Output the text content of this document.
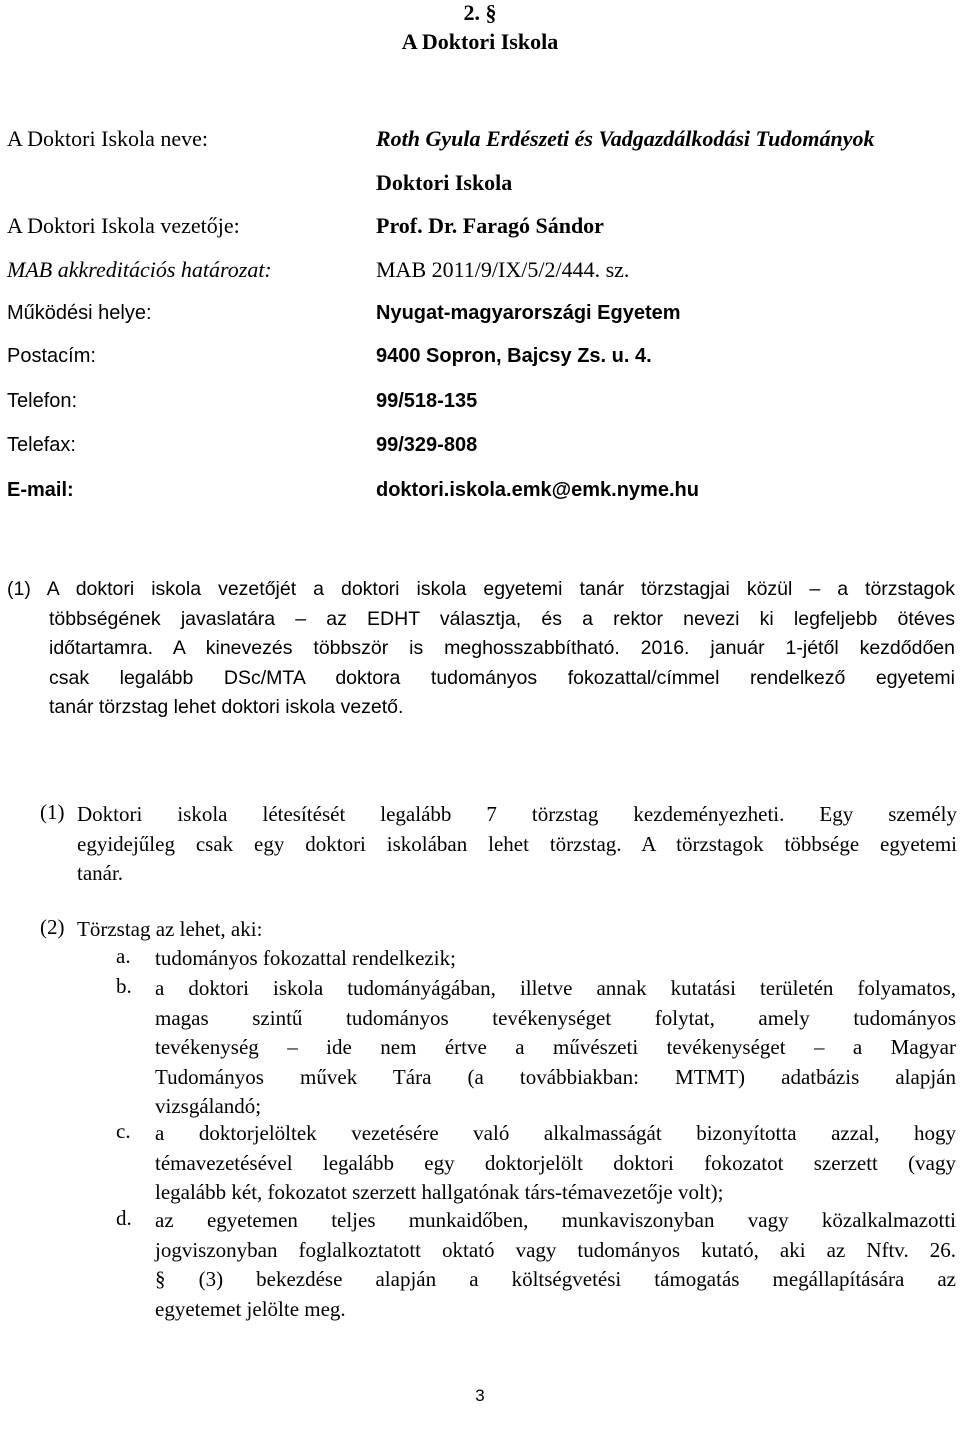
2. §
A Doktori Iskola
A Doktori Iskola neve:	Roth Gyula Erdészeti és Vadgazdálkodási Tudományok
Doktori Iskola
A Doktori Iskola vezetője:	Prof. Dr. Faragó Sándor
MAB akkreditációs határozat:	MAB 2011/9/IX/5/2/444. sz.
Működési helye:	Nyugat-magyarországi Egyetem
Postacím:	9400 Sopron, Bajcsy Zs. u. 4.
Telefon:	99/518-135
Telefax:	99/329-808
E-mail:	doktori.iskola.emk@emk.nyme.hu
(1) A doktori iskola vezetőjét a doktori iskola egyetemi tanár törzstagjai közül – a törzstagok
többségének javaslatára – az EDHT választja, és a rektor nevezi ki legfeljebb ötéves
időtartamra. A kinevezés többször is meghosszabbítható. 2016. január 1-jétől kezdődően
csak legalább DSc/MTA doktora tudományos fokozattal/címmel rendelkező egyetemi
tanár törzstag lehet doktori iskola vezető.
(1) Doktori iskola létesítését legalább 7 törzstag kezdeményezheti. Egy személy
egyidejűleg csak egy doktori iskolában lehet törzstag. A törzstagok többsége egyetemi
tanár.
(2) Törzstag az lehet, aki:
a. tudományos fokozattal rendelkezik;
b. a doktori iskola tudományágában, illetve annak kutatási területén folyamatos,
magas szintű tudományos tevékenységet folytat, amely tudományos
tevékenység – ide nem értve a művészeti tevékenységet – a Magyar
Tudományos művek Tára (a továbbiakban: MTMT) adatbázis alapján
vizsgálandó;
c. a doktorjelöltek vezetésére való alkalmasságát bizonyította azzal, hogy
témavezetésével legalább egy doktorjelölt doktori fokozatot szerzett (vagy
legalább két, fokozatot szerzett hallgatónak társ-témavezetője volt);
d. az egyetemen teljes munkaidőben, munkaviszonyban vagy közalkalmazotti
jogviszonyban foglalkoztatott oktató vagy tudományos kutató, aki az Nftv. 26.
§ (3) bekezdése alapján a költségvetési támogatás megállapítására az
egyetemet jelölte meg.
3
